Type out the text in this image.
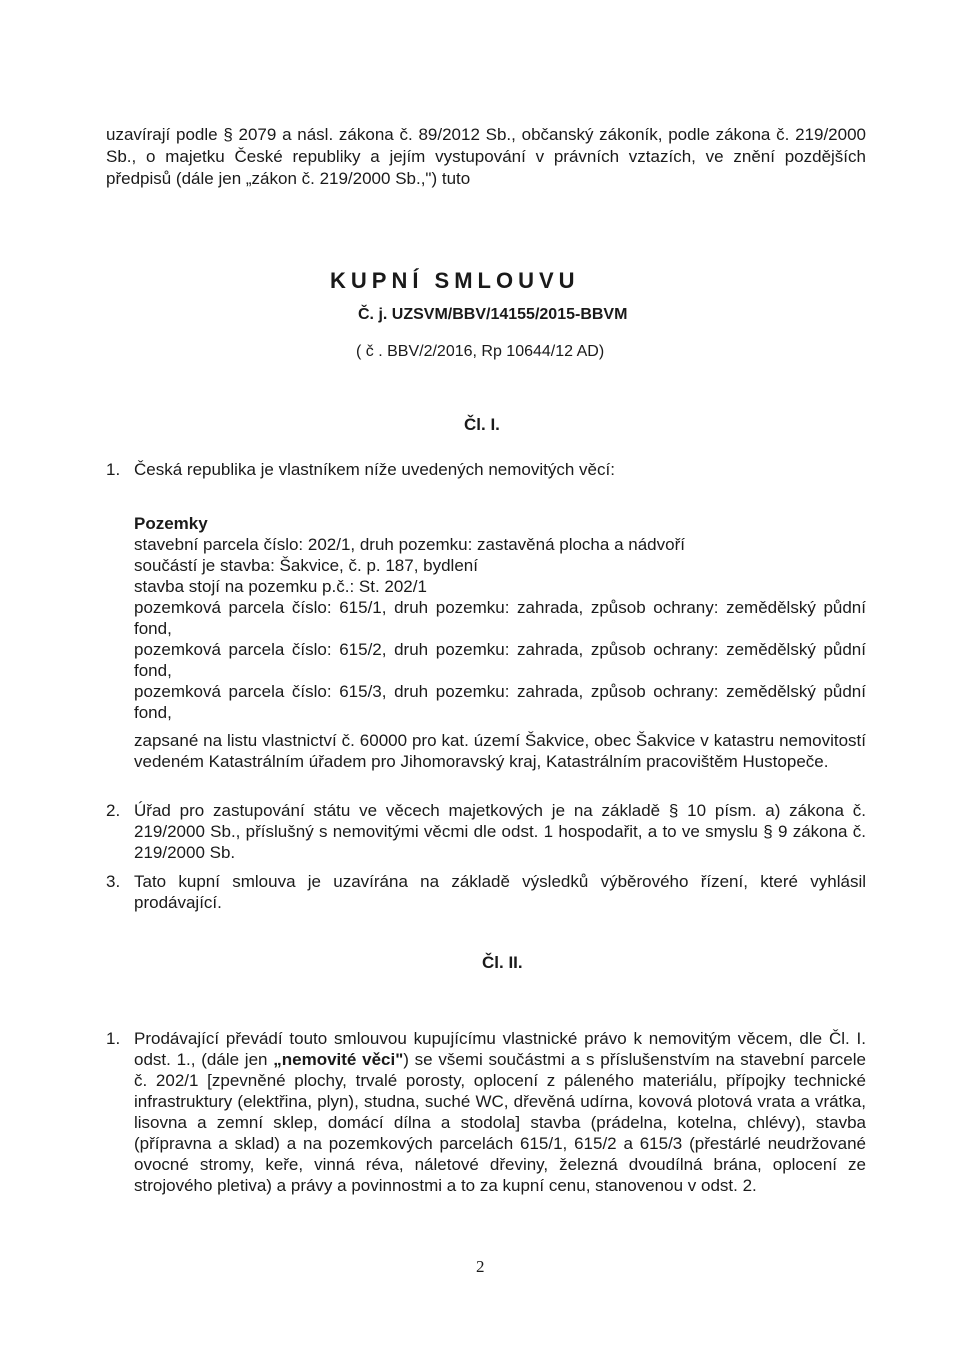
uzavírají podle § 2079 a násl. zákona č. 89/2012 Sb., občanský zákoník, podle zákona č. 219/2000 Sb., o majetku České republiky a jejím vystupování v právních vztazích, ve znění pozdějších předpisů (dále jen „zákon č. 219/2000 Sb.,") tuto

KUPNÍ SMLOUVU
Č. j. UZSVM/BBV/14155/2015-BBVM
( č . BBV/2/2016, Rp 10644/12 AD)
Čl. I.
1. Česká republika je vlastníkem níže uvedených nemovitých věcí:
Pozemky
stavební parcela číslo: 202/1, druh pozemku: zastavěná plocha a nádvoří
součástí je stavba: Šakvice, č. p. 187, bydlení
stavba stojí na pozemku p.č.: St. 202/1
pozemková parcela číslo: 615/1, druh pozemku: zahrada, způsob ochrany: zemědělský půdní fond,
pozemková parcela číslo: 615/2, druh pozemku: zahrada, způsob ochrany: zemědělský půdní fond,
pozemková parcela číslo: 615/3, druh pozemku: zahrada, způsob ochrany: zemědělský půdní fond,
zapsané na listu vlastnictví č. 60000 pro kat. území Šakvice, obec Šakvice v katastru nemovitostí vedeném Katastrálním úřadem pro Jihomoravský kraj, Katastrálním pracovištěm Hustopeče.
2. Úřad pro zastupování státu ve věcech majetkových je na základě § 10 písm. a) zákona č. 219/2000 Sb., příslušný s nemovitými věcmi dle odst. 1 hospodařit, a to ve smyslu § 9 zákona č. 219/2000 Sb.
3. Tato kupní smlouva je uzavírána na základě výsledků výběrového řízení, které vyhlásil prodávající.
Čl. II.
1. Prodávající převádí touto smlouvou kupujícímu vlastnické právo k nemovitým věcem, dle Čl. I. odst. 1., (dále jen „nemovité věci") se všemi součástmi a s příslušenstvím na stavební parcele č. 202/1 [zpevněné plochy, trvalé porosty, oplocení z páleného materiálu, přípojky technické infrastruktury (elektřina, plyn), studna, suché WC, dřevěná udírna, kovová plotová vrata a vrátka, lisovna a zemní sklep, domácí dílna a stodola] stavba (prádelna, kotelna, chlévy), stavba (přípravna a sklad) a na pozemkových parcelách 615/1, 615/2 a 615/3 (přestárlé neudržované ovocné stromy, keře, vinná réva, náletové dřeviny, železná dvoudílná brána, oplocení ze strojového pletiva) a právy a povinnostmi a to za kupní cenu, stanovenou v odst. 2.
2
